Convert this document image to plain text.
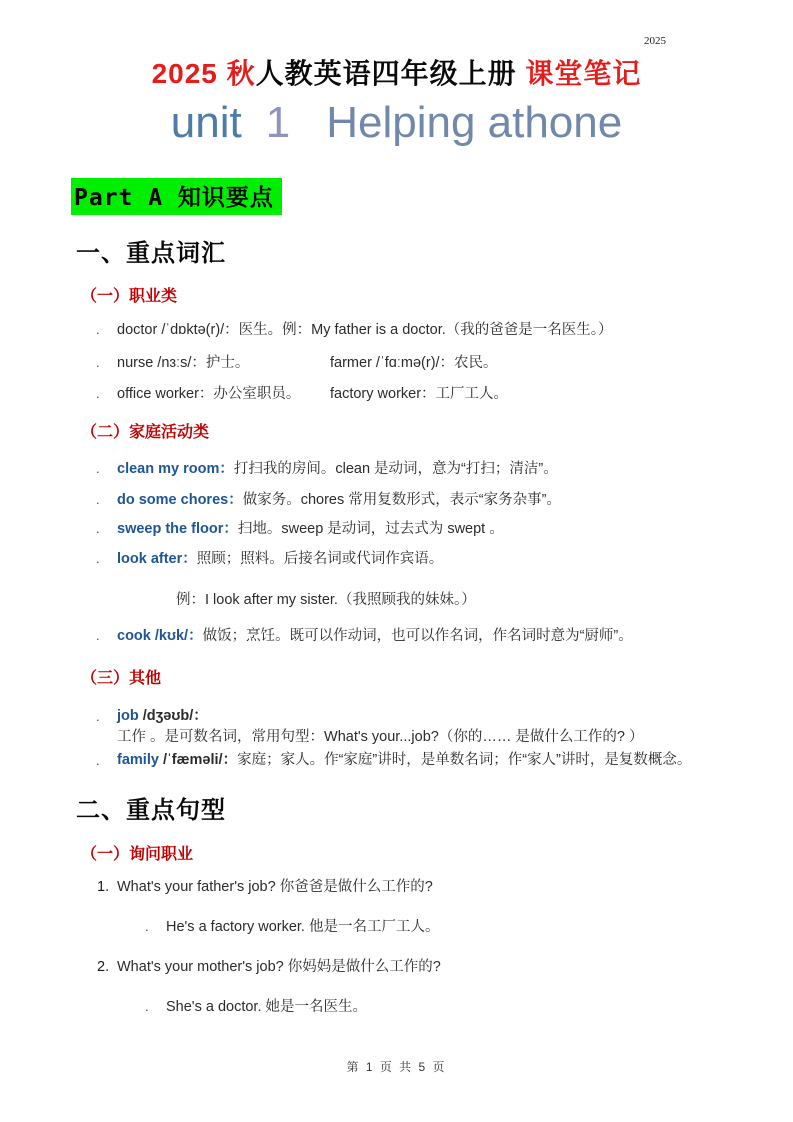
2025
2025 秋人教英语四年级上册 课堂笔记
unit 1 Helping athone
Part A 知识要点
一、重点词汇
（一）职业类
. doctor /ˈdɒktə(r)/：医生。例：My father is a doctor.（我的爸爸是一名医生。）
. nurse /nɜːs/：护士。	farmer /ˈfɑːmə(r)/：农民。
. office worker：办公室职员。 factory worker：工厂工人。
（二）家庭活动类
. clean my room：打扫我的房间。clean 是动词，意为“打扫；清洁”。
. do some chores：做家务。chores 常用复数形式，表示“家务杂事”。
. sweep the floor：扫地。sweep 是动词，过去式为 swept 。
. look after：照顾；照料。后接名词或代词作宾语。
例：I look after my sister.（我照顾我的妹妹。）
. cook /kʊk/：做饭；烹饪。既可以作动词，也可以作名词，作名词时意为“厨师”。
（三）其他
. job /dʒəʊb/：工作 。是可数名词，常用句型：What's your...job?（你的…… 是做什么工作的? ）
. family /ˈfæməli/：家庭；家人。作“家庭”讲时，是单数名词；作“家人”讲时，是复数概念。
二、重点句型
（一）询问职业
1. What's your father's job? 你爸爸是做什么工作的?
. He's a factory worker. 他是一名工厂工人。
2. What's your mother's job? 你妈妈是做什么工作的?
. She's a doctor. 她是一名医生。
第 1 页 共 5 页
